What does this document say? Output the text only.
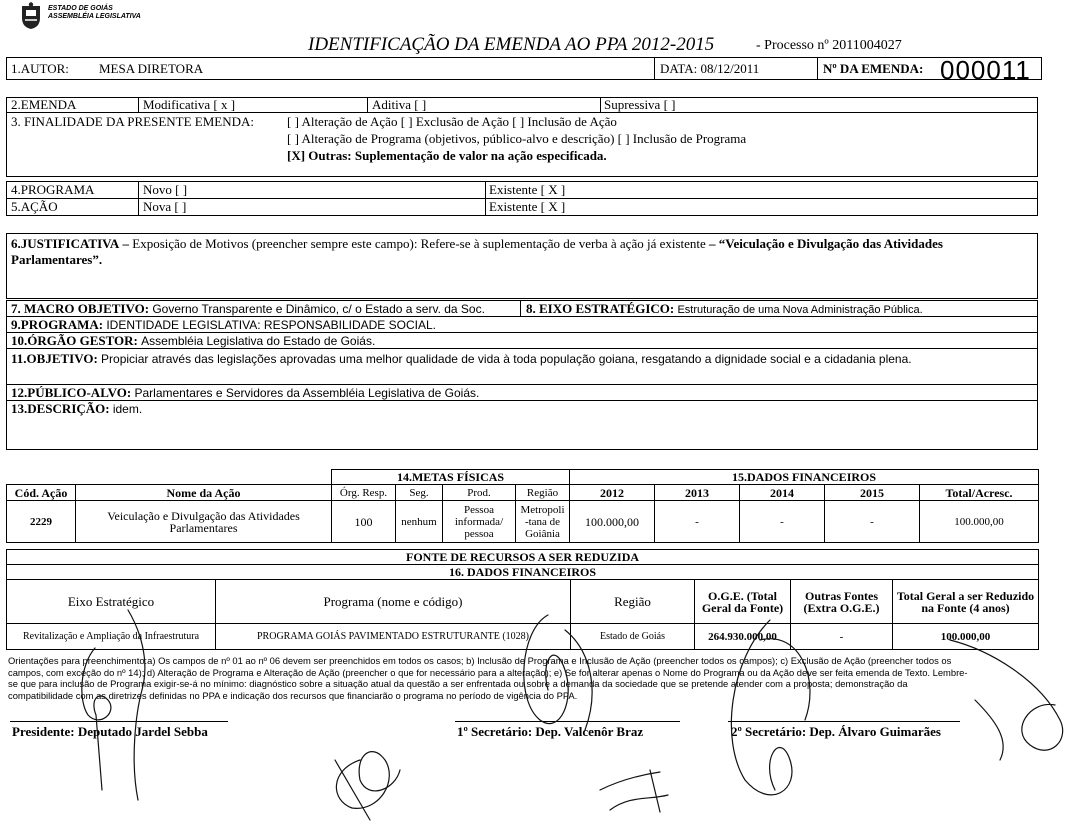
ESTADO DE GOIÁS
ASSEMBLÉIA LEGISLATIVA
IDENTIFICAÇÃO DA EMENDA AO PPA 2012-2015	- Processo nº 2011004027
1.AUTOR: MESA DIRETORA	DATA: 08/12/2011	Nº DA EMENDA: 000011
2.EMENDA	Modificativa [ x ]	Aditiva [ ]	Supressiva [ ]
3. FINALIDADE DA PRESENTE EMENDA:	[ ] Alteração de Ação [ ] Exclusão de Ação [ ] Inclusão de Ação
[ ] Alteração de Programa (objetivos, público-alvo e descrição) [ ] Inclusão de Programa
[X] Outras: Suplementação de valor na ação especificada.
4.PROGRAMA	Novo [ ]	Existente [ X ]
5.AÇÃO	Nova [ ]	Existente [ X ]
6.JUSTIFICATIVA – Exposição de Motivos (preencher sempre este campo): Refere-se à suplementação de verba à ação já existente – “Veiculação e Divulgação das Atividades
Parlamentares”.
7. MACRO OBJETIVO: Governo Transparente e Dinâmico, c/ o Estado a serv. da Soc.	8. EIXO ESTRATÉGICO: Estruturação de uma Nova Administração Pública.
9.PROGRAMA: IDENTIDADE LEGISLATIVA: RESPONSABILIDADE SOCIAL.
10.ÓRGÃO GESTOR: Assembléia Legislativa do Estado de Goiás.
11.OBJETIVO: Propiciar através das legislações aprovadas uma melhor qualidade de vida à toda população goiana, resgatando a dignidade social e a cidadania plena.
12.PÚBLICO-ALVO: Parlamentares e Servidores da Assembléia Legislativa de Goiás.
13.DESCRIÇÃO: idem.
		14.METAS FÍSICAS				15.DADOS FINANCEIROS				
Cód. Ação	Nome da Ação	Órg. Resp.	Seg.	Prod.	Região	2012	2013	2014	2015	Total/Acresc.
2229	Veiculação e Divulgação das Atividades Parlamentares	100	nenhum	Pessoa informada/ pessoa	Metropoli -tana de Goiânia	100.000,00	-	-	-	100.000,00
FONTE DE RECURSOS A SER REDUZIDA					
16. DADOS FINANCEIROS					
Eixo Estratégico	Programa (nome e código)	Região	O.G.E. (Total Geral da Fonte)	Outras Fontes (Extra O.G.E.)	Total Geral a ser Reduzido na Fonte (4 anos)
Revitalização e Ampliação da Infraestrutura	PROGRAMA GOIÁS PAVIMENTADO ESTRUTURANTE (1028)	Estado de Goiás	264.930.000,00	-	100.000,00
Orientações para preenchimento:a) Os campos de nº 01 ao nº 06 devem ser preenchidos em todos os casos; b) Inclusão de Programa e Inclusão de Ação (preencher todos os campos); c) Exclusão de Ação (preencher todos os
campos, com exceção do nº 14); d) Alteração de Programa e Alteração de Ação (preencher o que for necessário para a alteração); e) Se for alterar apenas o Nome do Programa ou da Ação deve ser feita emenda de Texto. Lembre-
se que para inclusão de Programa exigir-se-á no mínimo: diagnóstico sobre a situação atual da questão a ser enfrentada ou sobre a demanda da sociedade que se pretende atender com a proposta; demonstração da
compatibilidade com as diretrizes definidas no PPA e indicação dos recursos que financiarão o programa no período de vigência do PPA.
Presidente: Deputado Jardel Sebba	1º Secretário: Dep. Valcenôr Braz	2º Secretário: Dep. Álvaro Guimarães
